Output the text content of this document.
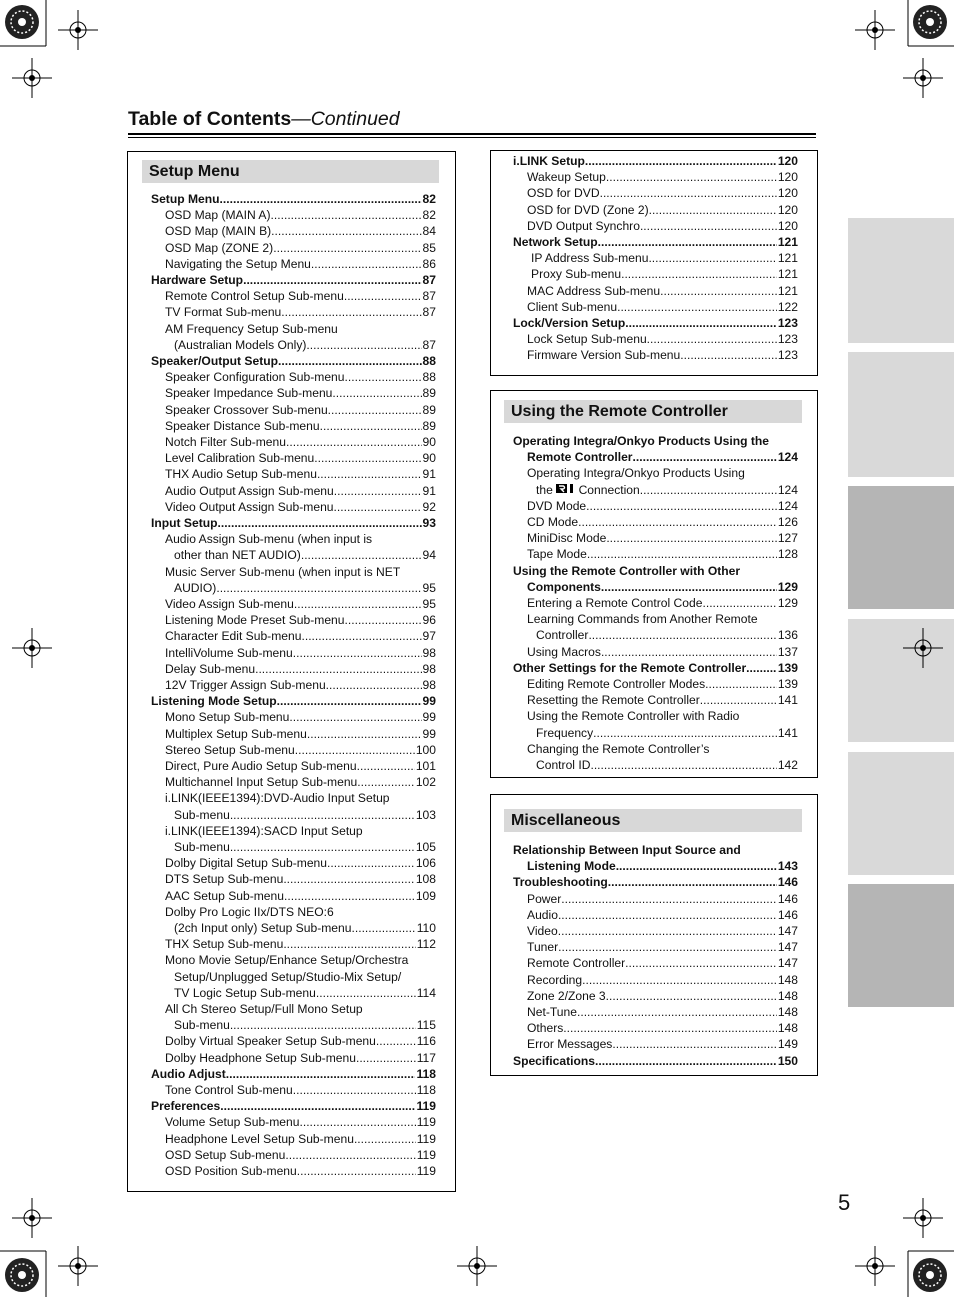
Table of Contents—Continued
Setup Menu
Setup Menu .....	82
OSD Map (MAIN A) .....	82
OSD Map (MAIN B) .....	84
OSD Map (ZONE 2) .....	85
Navigating the Setup Menu .....	86
Hardware Setup .....	87
Remote Control Setup Sub-menu .....	87
TV Format Sub-menu .....	87
AM Frequency Setup Sub-menu
(Australian Models Only) .....	87
Speaker/Output Setup .....	88
Speaker Configuration Sub-menu .....	88
Speaker Impedance Sub-menu .....	89
Speaker Crossover Sub-menu .....	89
Speaker Distance Sub-menu .....	89
Notch Filter Sub-menu .....	90
Level Calibration Sub-menu .....	90
THX Audio Setup Sub-menu .....	91
Audio Output Assign Sub-menu .....	91
Video Output Assign Sub-menu .....	92
Input Setup .....	93
Audio Assign Sub-menu (when input is
other than NET AUDIO) .....	94
Music Server Sub-menu (when input is NET
AUDIO) .....	95
Video Assign Sub-menu .....	95
Listening Mode Preset Sub-menu .....	96
Character Edit Sub-menu .....	97
IntelliVolume Sub-menu .....	98
Delay Sub-menu .....	98
12V Trigger Assign Sub-menu .....	98
Listening Mode Setup .....	99
Mono Setup Sub-menu .....	99
Multiplex Setup Sub-menu .....	99
Stereo Setup Sub-menu .....	100
Direct, Pure Audio Setup Sub-menu .....	101
Multichannel Input Setup Sub-menu .....	102
i.LINK(IEEE1394):DVD-Audio Input Setup
Sub-menu .....	103
i.LINK(IEEE1394):SACD Input Setup
Sub-menu .....	105
Dolby Digital Setup Sub-menu .....	106
DTS Setup Sub-menu .....	108
AAC Setup Sub-menu .....	109
Dolby Pro Logic IIx/DTS NEO:6
(2ch Input only) Setup Sub-menu .....	110
THX Setup Sub-menu .....	112
Mono Movie Setup/Enhance Setup/Orchestra
Setup/Unplugged Setup/Studio-Mix Setup/
TV Logic Setup Sub-menu .....	114
All Ch Stereo Setup/Full Mono Setup
Sub-menu .....	115
Dolby Virtual Speaker Setup Sub-menu .....	116
Dolby Headphone Setup Sub-menu .....	117
Audio Adjust .....	118
Tone Control Sub-menu .....	118
Preferences .....	119
Volume Setup Sub-menu .....	119
Headphone Level Setup Sub-menu .....	119
OSD Setup Sub-menu .....	119
OSD Position Sub-menu .....	119
i.LINK Setup .....	120
Wakeup Setup .....	120
OSD for DVD .....	120
OSD for DVD (Zone 2) .....	120
DVD Output Synchro .....	120
Network Setup .....	121
IP Address Sub-menu .....	121
Proxy Sub-menu .....	121
MAC Address Sub-menu .....	121
Client Sub-menu .....	122
Lock/Version Setup .....	123
Lock Setup Sub-menu .....	123
Firmware Version Sub-menu .....	123
Using the Remote Controller
Operating Integra/Onkyo Products Using the
Remote Controller .....	124
Operating Integra/Onkyo Products Using
the
Connection .....	124
DVD Mode .....	124
CD Mode .....	126
MiniDisc Mode .....	127
Tape Mode .....	128
Using the Remote Controller with Other
Components .....	129
Entering a Remote Control Code .....	129
Learning Commands from Another Remote
Controller .....	136
Using Macros .....	137
Other Settings for the Remote Controller .....	139
Editing Remote Controller Modes .....	139
Resetting the Remote Controller .....	141
Using the Remote Controller with Radio
Frequency .....	141
Changing the Remote Controller’s
Control ID .....	142
Miscellaneous
Relationship Between Input Source and
Listening Mode .....	143
Troubleshooting .....	146
Power .....	146
Audio .....	146
Video .....	147
Tuner .....	147
Remote Controller .....	147
Recording .....	148
Zone 2/Zone 3 .....	148
Net-Tune .....	148
Others .....	148
Error Messages .....	149
Specifications .....	150
5
